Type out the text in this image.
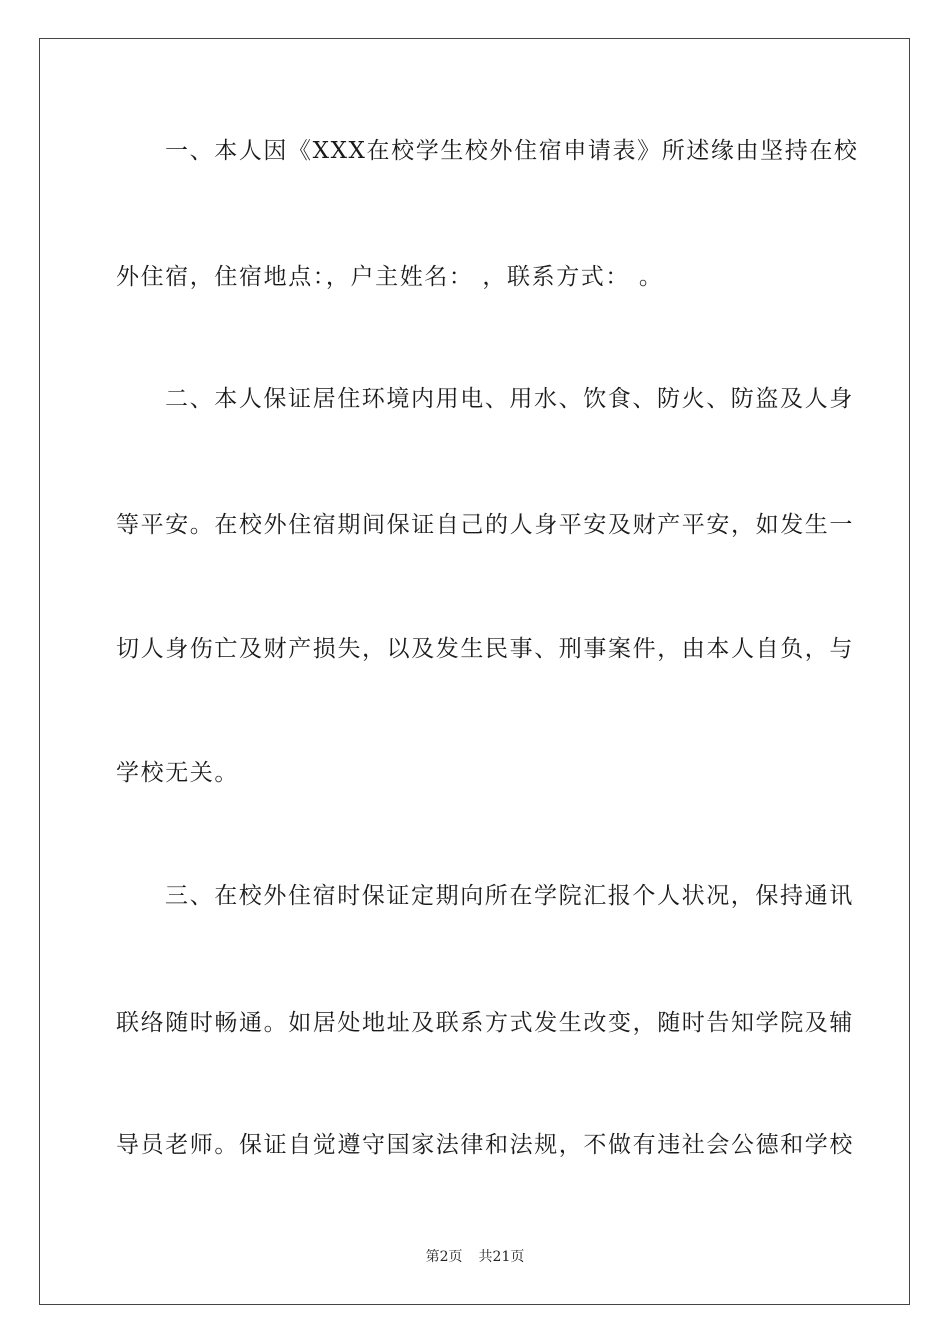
一、本人因《XXX在校学生校外住宿申请表》所述缘由坚持在校
外住宿，住宿地点：，户主姓名： ，联系方式： 。
二、本人保证居住环境内用电、用水、饮食、防火、防盗及人身
等平安。在校外住宿期间保证自己的人身平安及财产平安，如发生一
切人身伤亡及财产损失，以及发生民事、刑事案件，由本人自负，与
学校无关。
三、在校外住宿时保证定期向所在学院汇报个人状况，保持通讯
联络随时畅通。如居处地址及联系方式发生改变，随时告知学院及辅
导员老师。保证自觉遵守国家法律和法规，不做有违社会公德和学校
第2页 共21页
